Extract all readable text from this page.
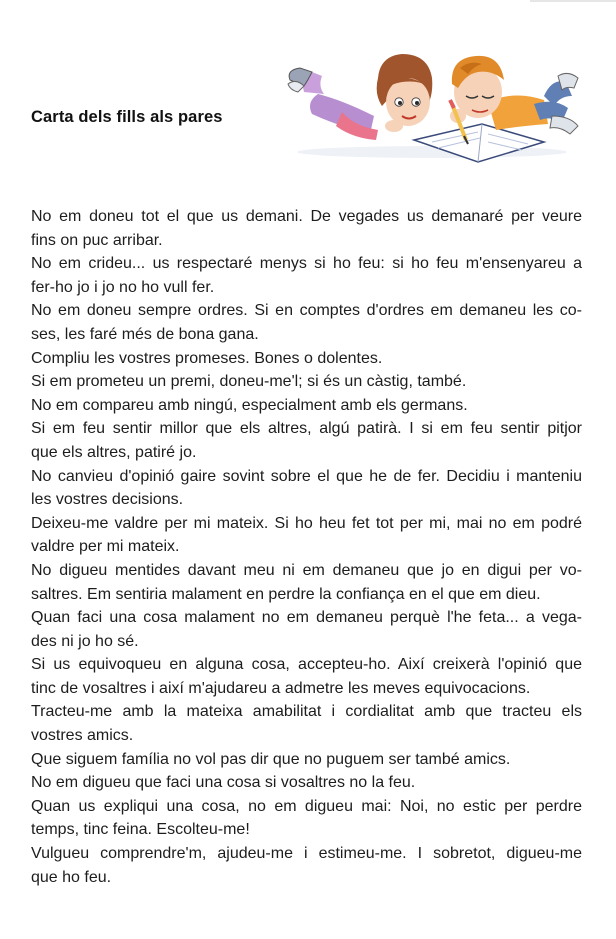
Carta dels fills als pares
No em doneu tot el que us demani. De vegades us demanaré per veure
fins on puc arribar.
No em crideu... us respectaré menys si ho feu: si ho feu m'ensenyareu a
fer-ho jo i jo no ho vull fer.
No em doneu sempre ordres. Si en comptes d'ordres em demaneu les co-
ses, les faré més de bona gana.
Compliu les vostres promeses. Bones o dolentes.
Si em prometeu un premi, doneu-me'l; si és un càstig, també.
No em compareu amb ningú, especialment amb els germans.
Si em feu sentir millor que els altres, algú patirà. I si em feu sentir pitjor
que els altres, patiré jo.
No canvieu d'opinió gaire sovint sobre el que he de fer. Decidiu i manteniu
les vostres decisions.
Deixeu-me valdre per mi mateix. Si ho heu fet tot per mi, mai no em podré
valdre per mi mateix.
No digueu mentides davant meu ni em demaneu que jo en digui per vo-
saltres. Em sentiria malament en perdre la confiança en el que em dieu.
Quan faci una cosa malament no em demaneu perquè l'he feta... a vega-
des ni jo ho sé.
Si us equivoqueu en alguna cosa, accepteu-ho. Així creixerà l'opinió que
tinc de vosaltres i així m'ajudareu a admetre les meves equivocacions.
Tracteu-me amb la mateixa amabilitat i cordialitat amb que tracteu els
vostres amics.
Que siguem família no vol pas dir que no puguem ser també amics.
No em digueu que faci una cosa si vosaltres no la feu.
Quan us expliqui una cosa, no em digueu mai: Noi, no estic per perdre
temps, tinc feina. Escolteu-me!
Vulgueu comprendre'm, ajudeu-me i estimeu-me. I sobretot, digueu-me
que ho feu.
